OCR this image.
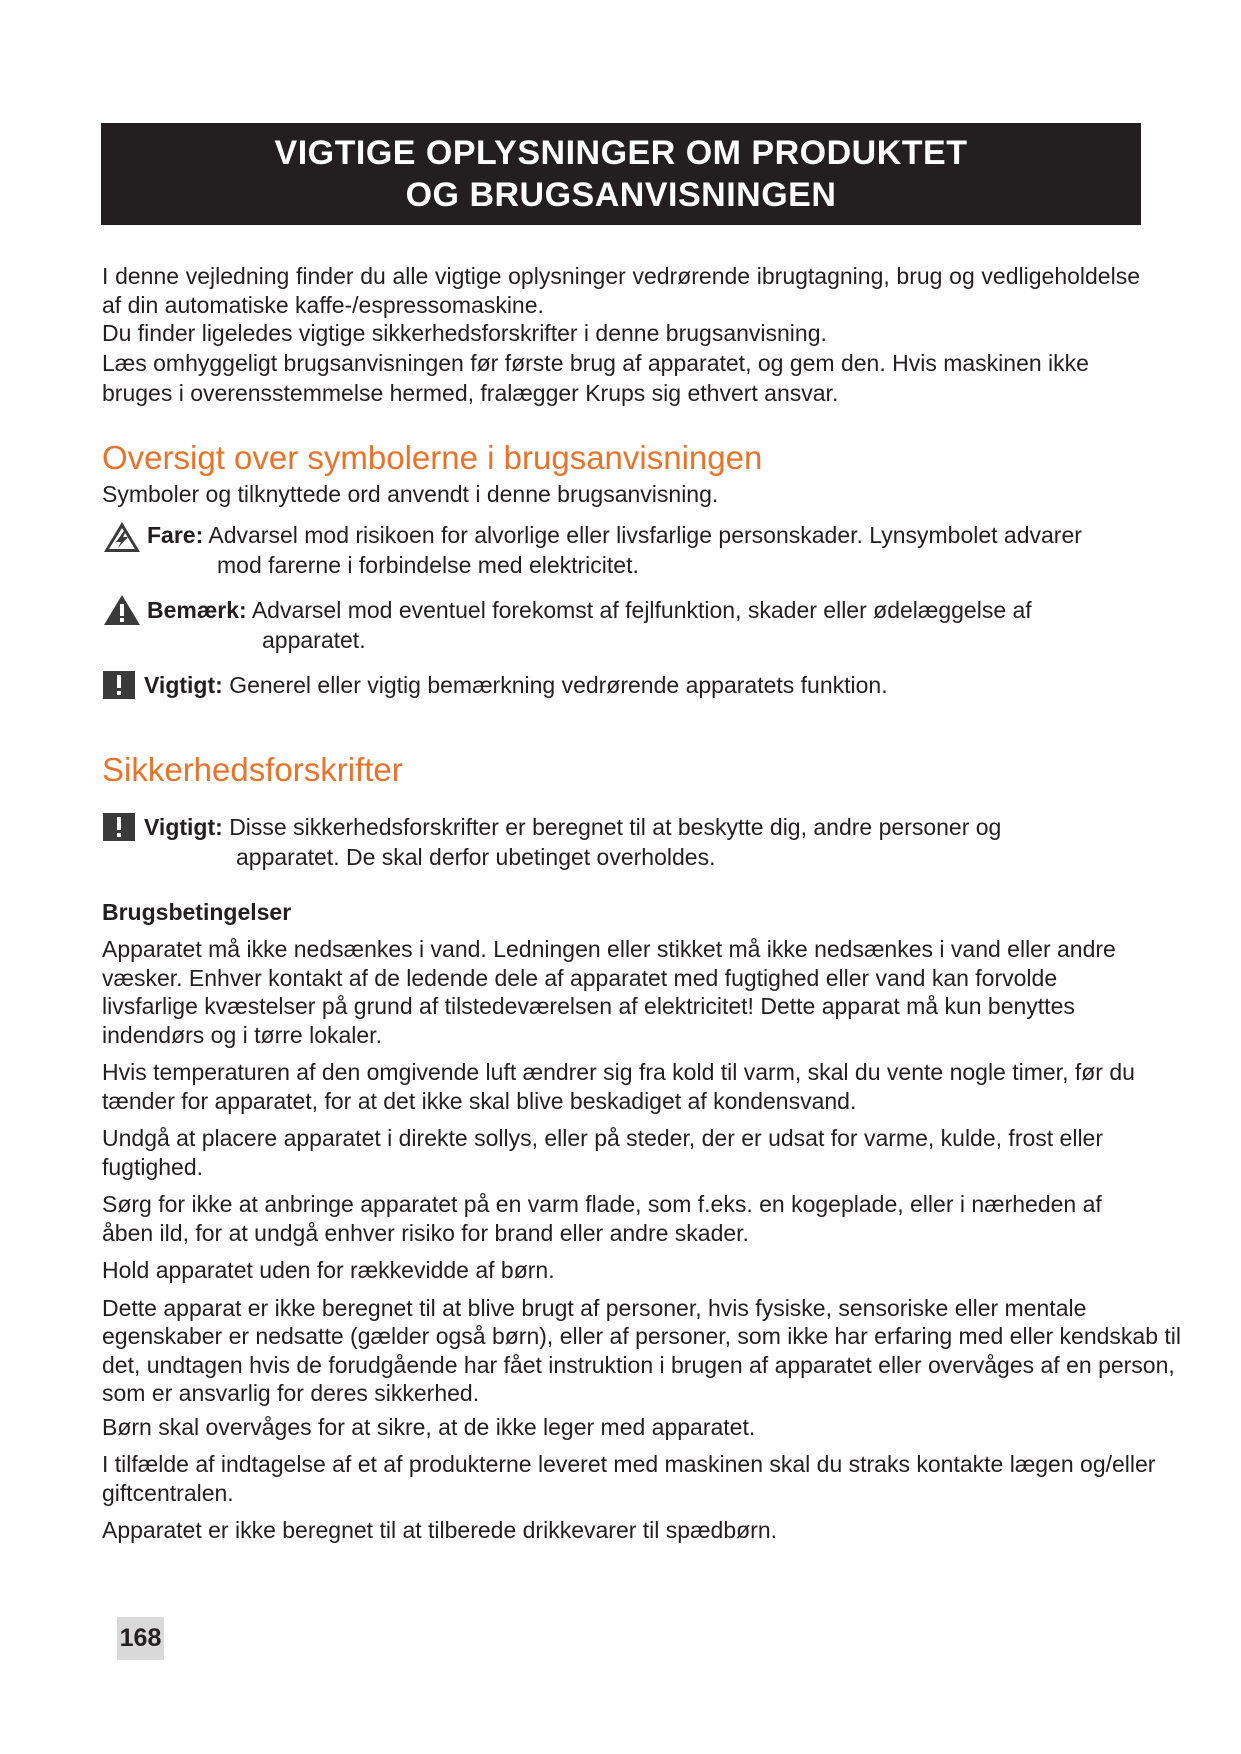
VIGTIGE OPLYSNINGER OM PRODUKTET
OG BRUGSANVISNINGEN

I denne vejledning finder du alle vigtige oplysninger vedrørende ibrugtagning, brug og vedligeholdelse af din automatiske kaffe-/espressomaskine.

Du finder ligeledes vigtige sikkerhedsforskrifter i denne brugsanvisning.

Læs omhyggeligt brugsanvisningen før første brug af apparatet, og gem den. Hvis maskinen ikke bruges i overensstemmelse hermed, fralægger Krups sig ethvert ansvar.

Oversigt over symbolerne i brugsanvisningen

Symboler og tilknyttede ord anvendt i denne brugsanvisning.

Fare: Advarsel mod risikoen for alvorlige eller livsfarlige personskader. Lynsymbolet advarer

mod farerne i forbindelse med elektricitet.

Bemærk: Advarsel mod eventuel forekomst af fejlfunktion, skader eller ødelæggelse af

apparatet.

Vigtigt: Generel eller vigtig bemærkning vedrørende apparatets funktion.

Sikkerhedsforskrifter

Vigtigt: Disse sikkerhedsforskrifter er beregnet til at beskytte dig, andre personer og

apparatet. De skal derfor ubetinget overholdes.

Brugsbetingelser

Apparatet må ikke nedsænkes i vand. Ledningen eller stikket må ikke nedsænkes i vand eller andre væsker. Enhver kontakt af de ledende dele af apparatet med fugtighed eller vand kan forvolde livsfarlige kvæstelser på grund af tilstedeværelsen af elektricitet! Dette apparat må kun benyttes indendørs og i tørre lokaler.

Hvis temperaturen af den omgivende luft ændrer sig fra kold til varm, skal du vente nogle timer, før du tænder for apparatet, for at det ikke skal blive beskadiget af kondensvand.

Undgå at placere apparatet i direkte sollys, eller på steder, der er udsat for varme, kulde, frost eller fugtighed.

Sørg for ikke at anbringe apparatet på en varm flade, som f.eks. en kogeplade, eller i nærheden af åben ild, for at undgå enhver risiko for brand eller andre skader.

Hold apparatet uden for rækkevidde af børn.

Dette apparat er ikke beregnet til at blive brugt af personer, hvis fysiske, sensoriske eller mentale egenskaber er nedsatte (gælder også børn), eller af personer, som ikke har erfaring med eller kendskab til det, undtagen hvis de forudgående har fået instruktion i brugen af apparatet eller overvåges af en person, som er ansvarlig for deres sikkerhed.

Børn skal overvåges for at sikre, at de ikke leger med apparatet.

I tilfælde af indtagelse af et af produkterne leveret med maskinen skal du straks kontakte lægen og/eller giftcentralen.

Apparatet er ikke beregnet til at tilberede drikkevarer til spædbørn.

168
